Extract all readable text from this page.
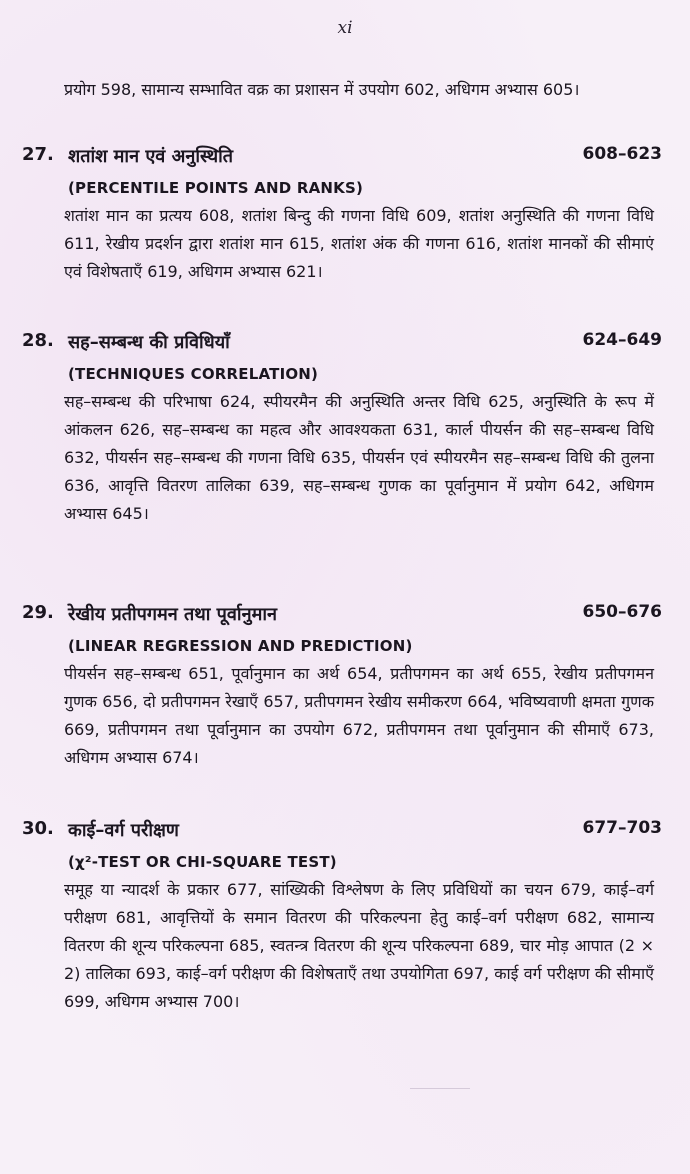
xi
प्रयोग 598, सामान्य सम्भावित वक्र का प्रशासन में उपयोग 602, अधिगम अभ्यास 605।
27. शतांश मान एवं अनुस्थिति	608–623
(PERCENTILE POINTS AND RANKS)
शतांश मान का प्रत्यय 608, शतांश बिन्दु की गणना विधि 609, शतांश अनुस्थिति की गणना विधि 611, रेखीय प्रदर्शन द्वारा शतांश मान 615, शतांश अंक की गणना 616, शतांश मानकों की सीमाएं एवं विशेषताएँ 619, अधिगम अभ्यास 621।
28. सह–सम्बन्ध की प्रविधियाँ	624–649
(TECHNIQUES CORRELATION)
सह–सम्बन्ध की परिभाषा 624, स्पीयरमैन की अनुस्थिति अन्तर विधि 625, अनुस्थिति के रूप में आंकलन 626, सह–सम्बन्ध का महत्व और आवश्यकता 631, कार्ल पीयर्सन की सह–सम्बन्ध विधि 632, पीयर्सन सह–सम्बन्ध की गणना विधि 635, पीयर्सन एवं स्पीयरमैन सह–सम्बन्ध विधि की तुलना 636, आवृत्ति वितरण तालिका 639, सह–सम्बन्ध गुणक का पूर्वानुमान में प्रयोग 642, अधिगम अभ्यास 645।
29. रेखीय प्रतीपगमन तथा पूर्वानुमान	650–676
(LINEAR REGRESSION AND PREDICTION)
पीयर्सन सह–सम्बन्ध 651, पूर्वानुमान का अर्थ 654, प्रतीपगमन का अर्थ 655, रेखीय प्रतीपगमन गुणक 656, दो प्रतीपगमन रेखाएँ 657, प्रतीपगमन रेखीय समीकरण 664, भविष्यवाणी क्षमता गुणक 669, प्रतीपगमन तथा पूर्वानुमान का उपयोग 672, प्रतीपगमन तथा पूर्वानुमान की सीमाएँ 673, अधिगम अभ्यास 674।
30. काई–वर्ग परीक्षण	677–703
(χ²-TEST OR CHI-SQUARE TEST)
समूह या न्यादर्श के प्रकार 677, सांख्यिकी विश्लेषण के लिए प्रविधियों का चयन 679, काई–वर्ग परीक्षण 681, आवृत्तियों के समान वितरण की परिकल्पना हेतु काई–वर्ग परीक्षण 682, सामान्य वितरण की शून्य परिकल्पना 685, स्वतन्त्र वितरण की शून्य परिकल्पना 689, चार मोड़ आपात (2 × 2) तालिका 693, काई–वर्ग परीक्षण की विशेषताएँ तथा उपयोगिता 697, काई वर्ग परीक्षण की सीमाएँ 699, अधिगम अभ्यास 700।
